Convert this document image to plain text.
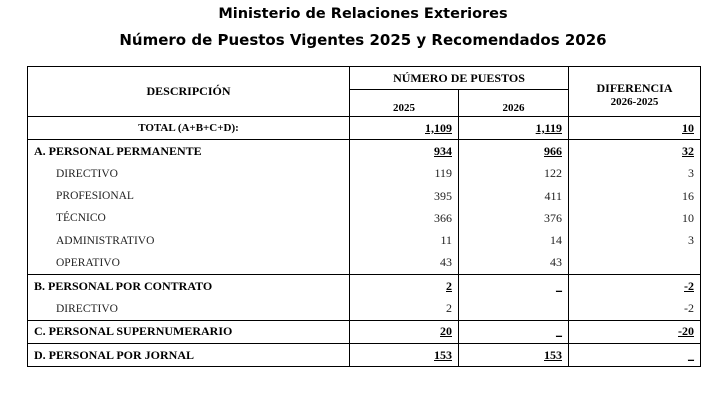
Ministerio de Relaciones Exteriores
Número de Puestos Vigentes 2025 y Recomendados 2026
DESCRIPCIÓN	NÚMERO DE PUESTOS		DIFERENCIA
2026-2025
	2025	2026	
TOTAL (A+B+C+D):	1,109	1,119	10
A. PERSONAL PERMANENTE	934	966	32
DIRECTIVO	119	122	3
PROFESIONAL	395	411	16
TÉCNICO	366	376	10
ADMINISTRATIVO	11	14	3
OPERATIVO	43	43	
B. PERSONAL POR CONTRATO	2	_	-2
DIRECTIVO	2		-2
C. PERSONAL SUPERNUMERARIO	20	_	-20
D. PERSONAL POR JORNAL	153	153	_
